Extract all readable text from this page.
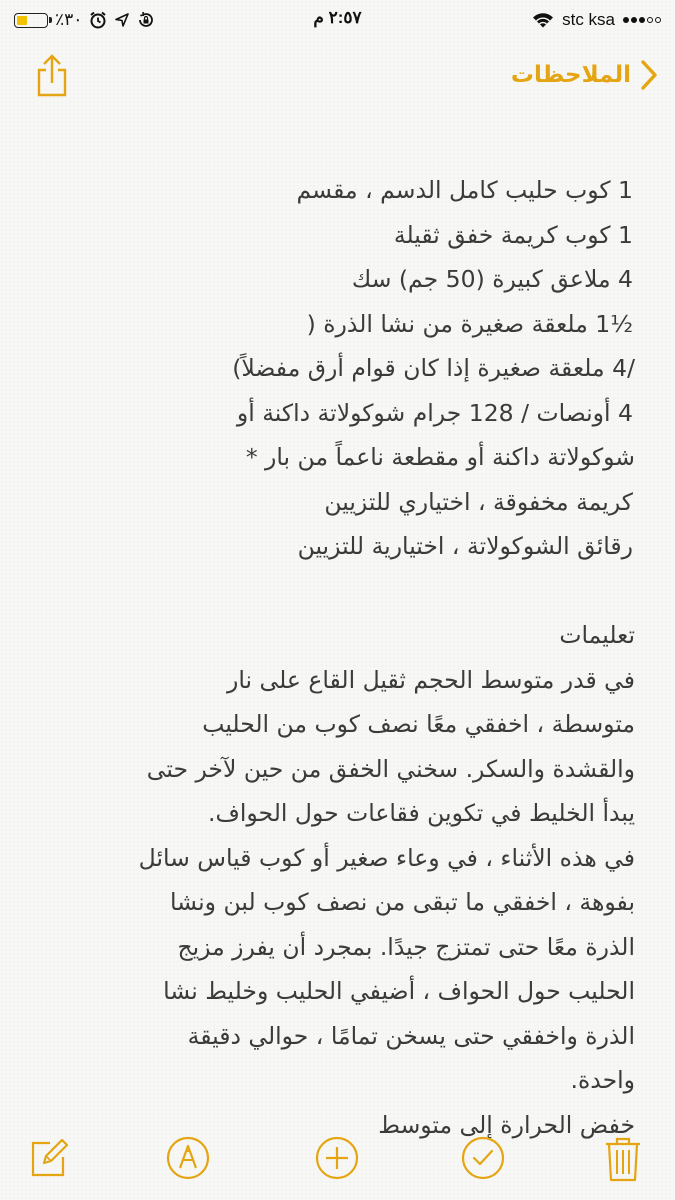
٪٣٠	٢:٥٧ م	stc ksa
الملاحظات
1 كوب حليب كامل الدسم ، مقسم
1 كوب كريمة خفق ثقيلة
4 ملاعق كبيرة (50 جم) سك
½1 ملعقة صغيرة من نشا الذرة (
/4 ملعقة صغيرة إذا كان قوام أرق مفضلاً)
4 أونصات / 128 جرام شوكولاتة داكنة أو
شوكولاتة داكنة أو مقطعة ناعماً من بار *
كريمة مخفوقة ، اختياري للتزيين
رقائق الشوكولاتة ، اختيارية للتزيين
تعليمات
في قدر متوسط الحجم ثقيل القاع على نار
متوسطة ، اخفقي معًا نصف كوب من الحليب
والقشدة والسكر. سخني الخفق من حين لآخر حتى
يبدأ الخليط في تكوين فقاعات حول الحواف.
في هذه الأثناء ، في وعاء صغير أو كوب قياس سائل
بفوهة ، اخفقي ما تبقى من نصف كوب لبن ونشا
الذرة معًا حتى تمتزج جيدًا. بمجرد أن يفرز مزيج
الحليب حول الحواف ، أضيفي الحليب وخليط نشا
الذرة واخفقي حتى يسخن تمامًا ، حوالي دقيقة
واحدة.
خفض الحرارة إلى متوسط
